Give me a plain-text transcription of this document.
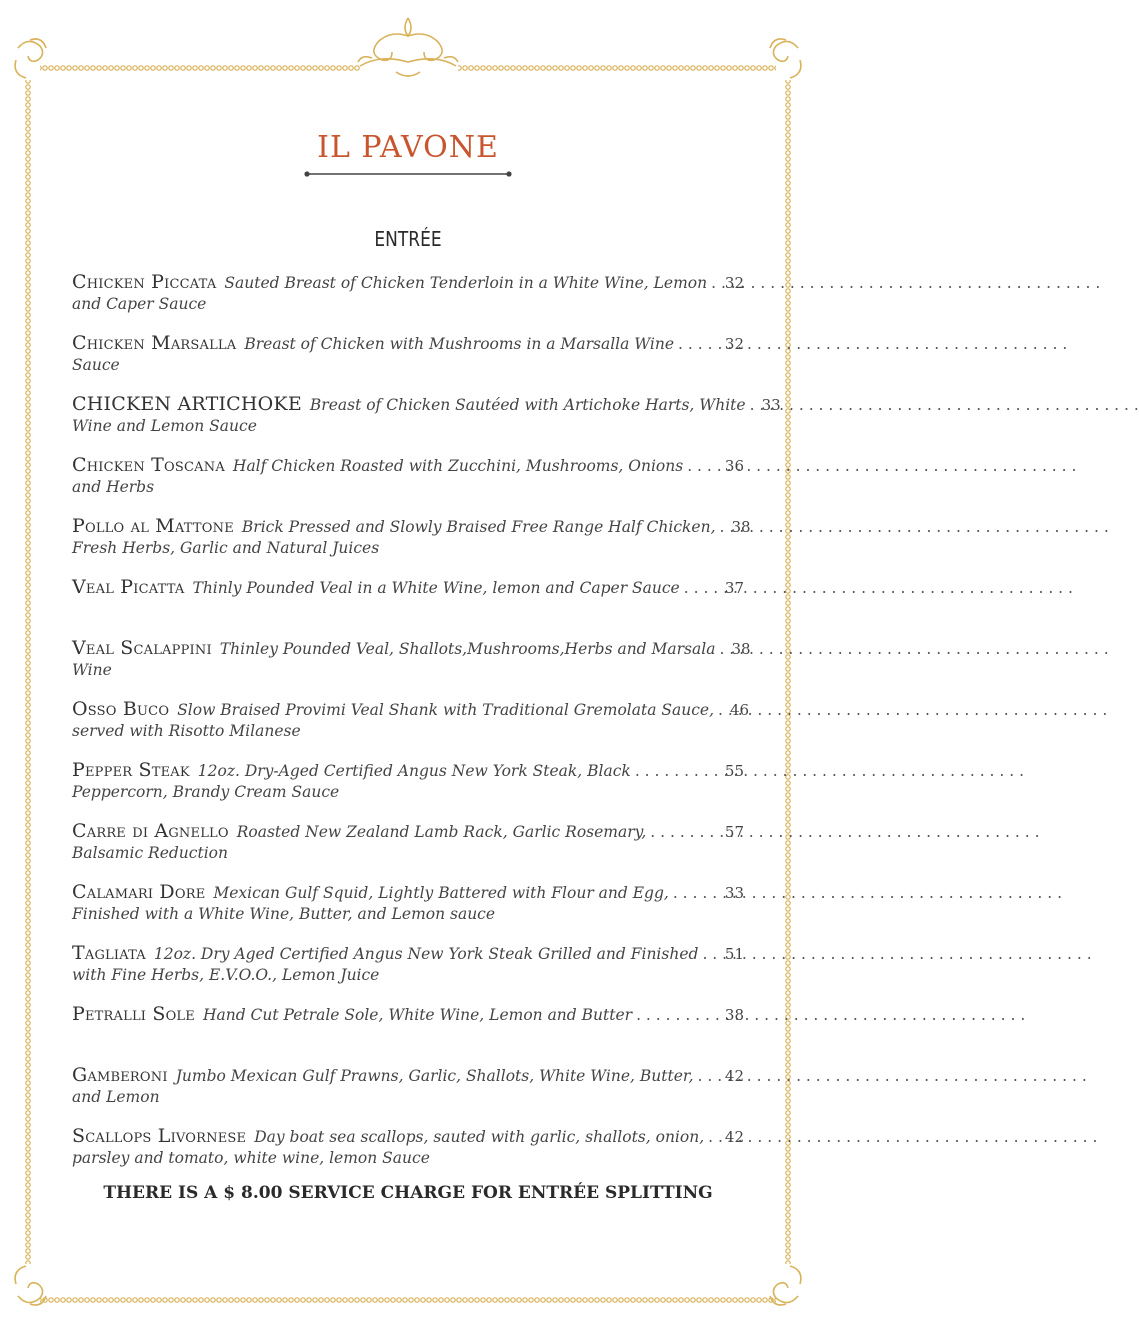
IL PAVONE
ENTRÉE
Chicken Piccata Sauted Breast of Chicken Tenderloin in a White Wine, Lemon . . . 32
and Caper Sauce
Chicken Marsalla Breast of Chicken with Mushrooms in a Marsalla Wine . . .	32
Sauce
CHICKEN ARTICHOKE Breast of Chicken Sautéed with Artichoke Harts, White . . . 33
Wine and Lemon Sauce
Chicken Toscana Half Chicken Roasted with Zucchini, Mushrooms, Onions . . .	36
and Herbs
Pollo al Mattone Brick Pressed and Slowly Braised Free Range Half Chicken, . . . 38
Fresh Herbs, Garlic and Natural Juices
Veal Picatta Thinly Pounded Veal in a White Wine, lemon and Caper Sauce . . .	37
Veal Scalappini Thinley Pounded Veal, Shallots,Mushrooms,Herbs and Marsala . . . 38
Wine
Osso Buco Slow Braised Provimi Veal Shank with Traditional Gremolata Sauce, . . . 46
served with Risotto Milanese
Pepper Steak 12oz. Dry-Aged Certified Angus New York Steak, Black . . .	55
Peppercorn, Brandy Cream Sauce
Carre di Agnello Roasted New Zealand Lamb Rack, Garlic Rosemary, . . .	57
Balsamic Reduction
Calamari Dore Mexican Gulf Squid, Lightly Battered with Flour and Egg, . . .	33
Finished with a White Wine, Butter, and Lemon sauce
Tagliata 12oz. Dry Aged Certified Angus New York Steak Grilled and Finished . . . 51
with Fine Herbs, E.V.O.O., Lemon Juice
Petralli Sole Hand Cut Petrale Sole, White Wine, Lemon and Butter . . .	38
Gamberoni Jumbo Mexican Gulf Prawns, Garlic, Shallots, White Wine, Butter, . . . 42
and Lemon
Scallops Livornese Day boat sea scallops, sauted with garlic, shallots, onion, . . . 42
parsley and tomato, white wine, lemon Sauce
THERE IS A $ 8.00 SERVICE CHARGE FOR ENTRÉE SPLITTING
